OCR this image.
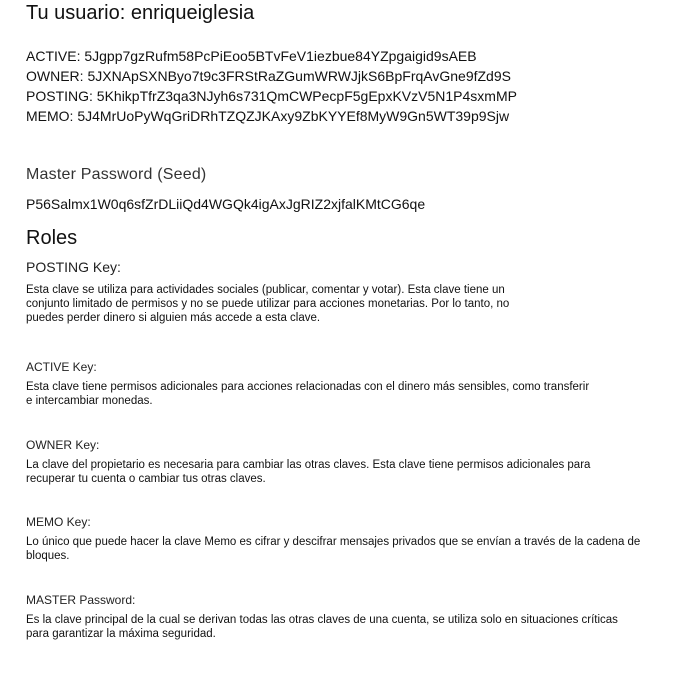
Tu usuario: enriqueiglesia
ACTIVE: 5Jgpp7gzRufm58PcPiEoo5BTvFeV1iezbue84YZpgaigid9sAEB
OWNER: 5JXNApSXNByo7t9c3FRStRaZGumWRWJjkS6BpFrqAvGne9fZd9S
POSTING: 5KhikpTfrZ3qa3NJyh6s731QmCWPecpF5gEpxKVzV5N1P4sxmMP
MEMO: 5J4MrUoPyWqGriDRhTZQZJKAxy9ZbKYYEf8MyW9Gn5WT39p9Sjw
Master Password (Seed)
P56Salmx1W0q6sfZrDLiiQd4WGQk4igAxJgRIZ2xjfalKMtCG6qe
Roles
POSTING Key:
Esta clave se utiliza para actividades sociales (publicar, comentar y votar). Esta clave tiene un conjunto limitado de permisos y no se puede utilizar para acciones monetarias. Por lo tanto, no puedes perder dinero si alguien más accede a esta clave.
ACTIVE Key:
Esta clave tiene permisos adicionales para acciones relacionadas con el dinero más sensibles, como transferir e intercambiar monedas.
OWNER Key:
La clave del propietario es necesaria para cambiar las otras claves. Esta clave tiene permisos adicionales para recuperar tu cuenta o cambiar tus otras claves.
MEMO Key:
Lo único que puede hacer la clave Memo es cifrar y descifrar mensajes privados que se envían a través de la cadena de bloques.
MASTER Password:
Es la clave principal de la cual se derivan todas las otras claves de una cuenta, se utiliza solo en situaciones críticas para garantizar la máxima seguridad.
